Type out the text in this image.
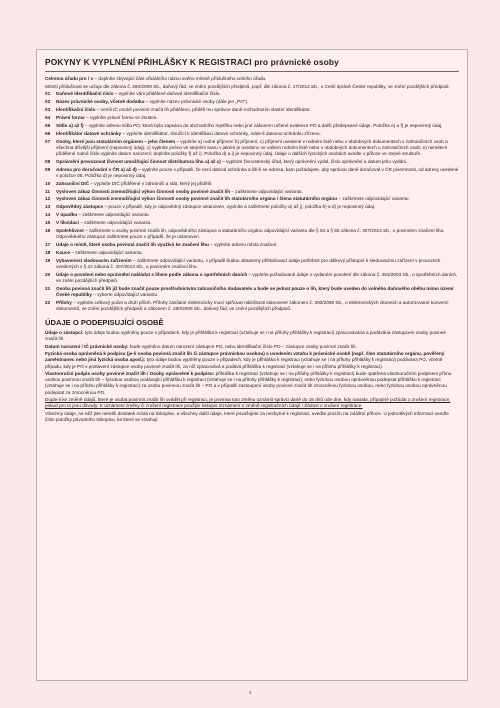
POKYNY K VYPLNĚNÍ PŘIHLÁŠKY K REGISTRACI pro právnické osoby
Celnímu úřadu pro / v – doplníte zbývající část oficiálního názvu svého místně příslušného celního úřadu.
Místní příslušnost se určuje dle zákona č. 280/2009 Sb., daňový řád, ve znění pozdějších předpisů, popř. dle zákona č. 17/2012 Sb., o Celní správě České republiky, ve znění pozdějších předpisů.
01	Daňové identifikační číslo – vyplníte vám přidělené daňové identifikační číslo.
02	Název právnické osoby, včetně dodatku – vyplníte název právnické osoby (dále jen „PO“).
03	Identifikační číslo – neníli IČ osobě povinné značit lih přiděleno, přidělí mu správce daně rozhodnutím vlastní identifikátor.
04	Právní forma – vyplníte právní formu ve zkratce.
05	Sídlo a) až f) – vyplníte adresu sídla PO, která byla zapsána do obchodního rejstříku nebo jiné zákonem určené evidence PO a další předepsané údaje. Položka e) a f) je nepovinný údaj.
06	Identifikátor datové schránky – vyplníte identifikátor, sloužící k identifikaci datové schránky, máte-li datovou schránku zřízenu.
07	Osoby, které jsou statutárním orgánem – jeho členem – vyplníte a) rodné příjmení b) příjmení, c) příjmení uvedené v rodném listě nebo v obdobných dokumentech v zahraničních osob a všechna dřívější příjmení (nepovinný údaj); c) vyplníte jméno ve stejném tvaru v jakém je uvedeno ve vašem rodném listě nebo v obdobných dokumentech u zahraničních osob; e) neméte-li přidělené rodné číslo vyplníte datum narození; doplníte položky f) až i). Položka d) a i) je nepovinný údaj. Údaje o dalších fyzických osobách uvedte v příloze ve stejné struktuře.
08	Oprávnění provozovat živnost umožňující činnost distributora lihu a) až c) – vyplníte živnostenský úřad, který oprávnění vydal, číslo oprávnění a datum jeho vydání.
09	Adresa pro doručování v ČR a) až d) – vyplníte pouze v případě, že není datová schránka a liší-li se adresa, kam požadujete, aby správce daně doručoval v ČR písemnosti, od adresy uvedené v položce 05. Položka d) je nepovinný údaj.
10	Zahraniční DIČ – vyplníte DIČ přidělené v zahraničí a stát, který jej přidělil.
11	Vysloven zákaz činnosti znemožňující výkon činnosti osoby povinné značit lih – zaškrtnete odpovídající variantu.
12	Vysloven zákaz činnosti znemožňující výkon činnosti osoby povinné značit lih statutárního orgánu / člena statutárního orgánu – zaškrtnete odpovídající variantu.
13	Odpovědný zástupce – pouze v případě, kdy je odpovědný zástupce ustanoven, vyplníte a zaškrtnete položky a) až j), položka b) a d) je nepovinný údaj.
14	V úpadku – zaškrtnete odpovídající variantu.
15	V likvidaci – zaškrtnete odpovídající variantu.
16	Spolehlivost – zaškrtnete u osoby povinné značit lih, odpovědného zástupce a statutárního orgánu odpovídající variantu dle § 54 a § 55 zákona č. 307/2013 Sb., o povinném značení lihu. Odpovědného zástupce zaškrtnete pouze v případě, že je ustanoven.
17	Údaje o místě, které osoba povinná značit lih využívá ke značení lihu – vyplníte adresu místa značení.
18	Kauce – zaškrtnete odpovídající variantu.
19	Vybavenost sledovacím zařízením – zaškrtnete odpovídající variantu, v případě budou obsazeny přihlašovací údaje potřebné pro dálkový přístupní k sledovacímu zařízení v provozech uvedených v § 22 zákona č. 307/2013 Sb., o povinném značení lihu.
20	Údaje o povolení nebo oprávnění nakládat s lihem podle zákona o spotřebních daních – vyplníte požadované údaje o vydaném povolení dle zákona č. 353/2003 Sb., o spotřebních daních, ve znění pozdějších předpisů.
21	Osoba povinná značit lih již bude značit pouze prostřednictvím zahraničního dodavatele a bude se jednat pouze o lih, který bude uveden do volného daňového oběhu mimo území České republiky – vyberte odpovídající variantu.
22	Přílohy – vyplníte celkový počet a druh příloh. Přílohy zasílané elektronicky musí splňovat náležitosti stanovené zákonem č. 300/2008 Sb., o elektronických úkonech a autorizované konverzi dokumentů, ve znění pozdějších předpisů a zákonem č. 280/2009 Sb., daňový řád, ve znění pozdějších předpisů.
ÚDAJE O PODEPISUJÍCÍ OSOBĚ
Údaje o zástupci: tyto údaje budou vyplněny pouze v případech, kdy je přihláška k registraci (vztahuje se i na přílohy přihlášky k registraci) zpracovávána a podávána zástupcem osoby povinné značit lih.
Datum narození / IČ právnické osoby: bude vyplněno datum narození zástupce PO, nebo identifikační číslo PO – zástupce osoby povinné značit lih.
Fyzická osoba oprávněná k podpisu (je-li osoba povinná značit lih či zástupce právnickou osobou) s uvedením vztahu k právnické osobě (např. člen statutárního orgánu, pověřený zaměstnanec nebo jiná fyzická osoba apod.): tyto údaje budou vyplněny pouze v případech, kdy je přihláška k registraci (vztahuje se i na přílohy přihlášky k registraci) podávána PO, včetně případu, kdy je PO v postavení zástupce osoby povinné značit lih, za níž zpracovává a podává přihlášku k registraci (vztahuje se i na přílohu přihlášky k registraci).
Vlastnoruční podpis osoby povinné značit lih / Osoby oprávněné k podpisu: přihláška k registraci (vztahuje se i na přílohy přihlášky k registraci) bude opatřena vlastnoručním podpisem přímo osobou povinnou značit lih – fyzickou osobou podávající přihlášku k registraci (vztahuje se i na přílohy přihlášky k registraci), nebo fyzickou osobou oprávněnou podepsat přihlášku k registraci (vztahuje se i na přílohu přihlášky k registraci) za osobu povinnou značit lih – PO a v případě zastoupení osoby povinné značit lih zmocněnou fyzickou osobou, nebo fyzickou osobou oprávněnou podepsat za zmocněnou PO.
Dojde-li ke změně údajů, které je osoba povinná značit lih uvádět při registraci, je povinna tuto změnu oznámit správci daně do 15 dnů ode dne, kdy nastala, případně požádat o zrušení registrace, pokud pro to jsou důvody. K oznámení změny či zrušení registrace použijte tiskopis Oznámení o změně registračních údajů / Žádost o zrušení registrace.
Všechny údaje, na něž jste neměli dostatek místa na tiskopise, a všechny další údaje, které považujete za nezbytné k registraci, uveďte prosím na zvláštní příloze. U jednotlivých informací uveďte číslo položky původního tiskopisu, ke které se vztahují.
4
